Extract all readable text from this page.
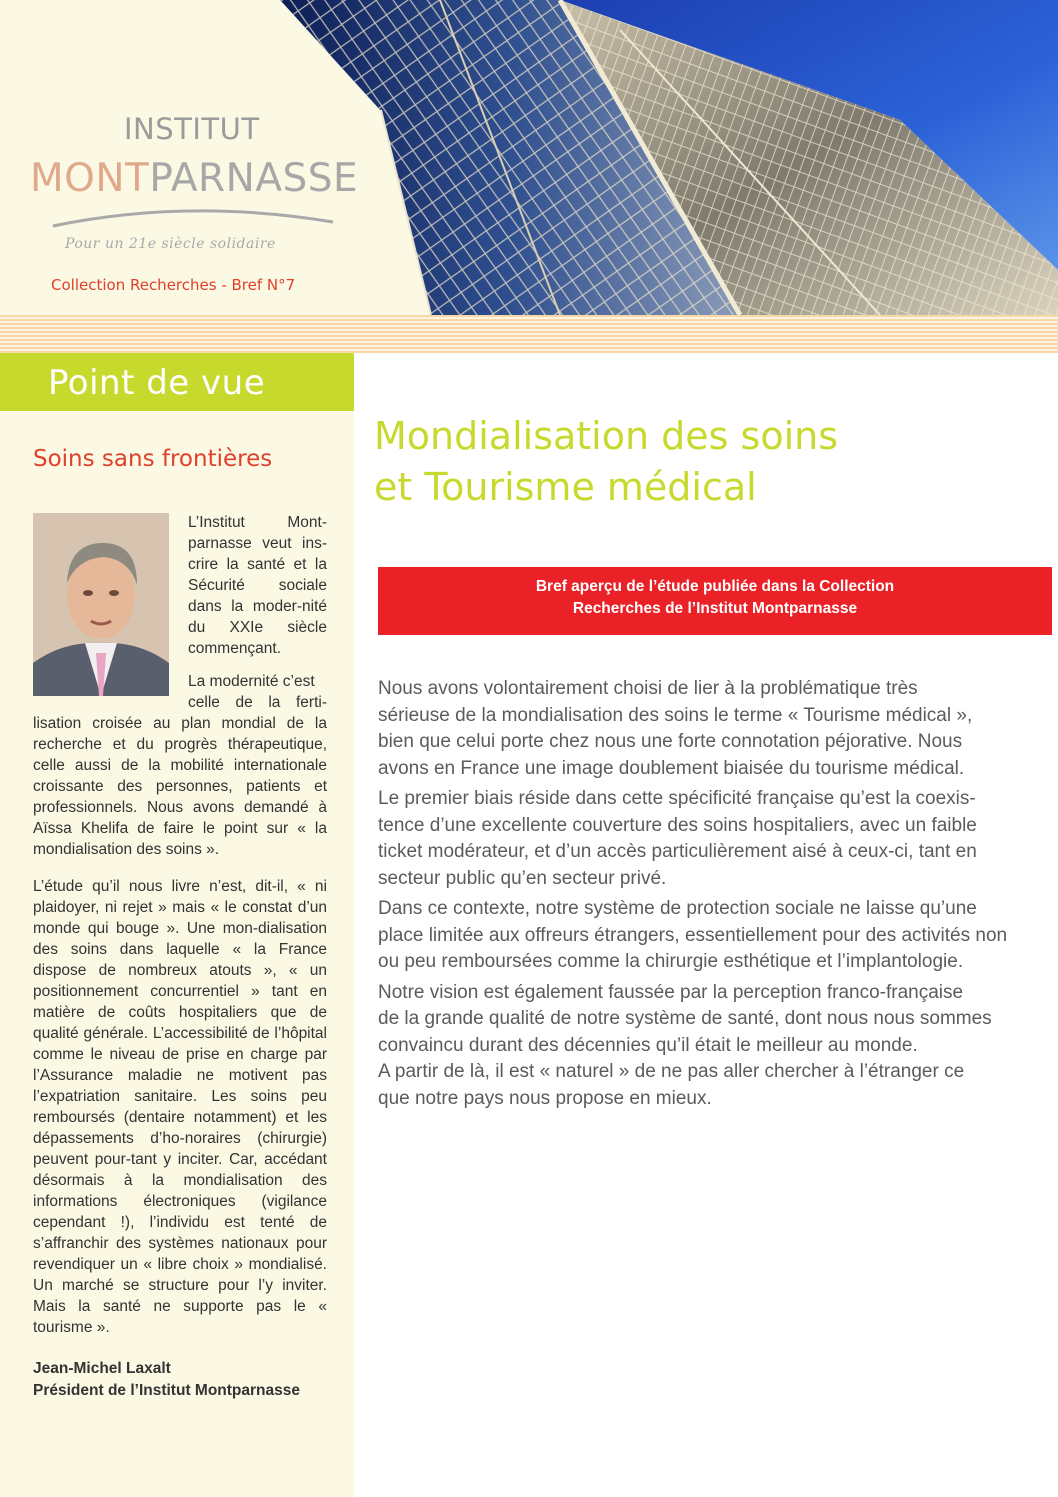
INSTITUT
MONTPARNASSE
Pour un 21e siècle solidaire
Collection Recherches - Bref N°7
Point de vue
Soins sans frontières
L’Institut Mont-parnasse veut ins-crire la santé et la Sécurité sociale dans la moder-nité du XXIe siècle commençant.
La modernité c’est
celle de la ferti- lisation croisée au plan mondial de la recherche et du progrès thérapeutique, celle aussi de la mobilité internationale croissante des personnes, patients et professionnels. Nous avons demandé à Aïssa Khelifa de faire le point sur « la mondialisation des soins ».
L’étude qu’il nous livre n’est, dit-il, « ni plaidoyer, ni rejet » mais « le constat d’un monde qui bouge ». Une mon-dialisation des soins dans laquelle « la France dispose de nombreux atouts », « un positionnement concurrentiel » tant en matière de coûts hospitaliers que de qualité générale. L’accessibilité de l’hôpital comme le niveau de prise en charge par l’Assurance maladie ne motivent pas l’expatriation sanitaire. Les soins peu remboursés (dentaire notamment) et les dépassements d’ho-noraires (chirurgie) peuvent pour-tant y inciter. Car, accédant désormais à la mondialisation des informations électroniques (vigilance cependant !), l’individu est tenté de s’affranchir des systèmes nationaux pour revendiquer un « libre choix » mondialisé. Un marché se structure pour l’y inviter. Mais la santé ne supporte pas le « tourisme ».
Jean-Michel Laxalt
Président de l’Institut Montparnasse
Mondialisation des soins
et Tourisme médical
Bref aperçu de l’étude publiée dans la Collection
Recherches de l’Institut Montparnasse

Nous avons volontairement choisi de lier à la problématique très
sérieuse de la mondialisation des soins le terme « Tourisme médical »,
bien que celui porte chez nous une forte connotation péjorative. Nous
avons en France une image doublement biaisée du tourisme médical.

Le premier biais réside dans cette spécificité française qu’est la coexis-
tence d’une excellente couverture des soins hospitaliers, avec un faible
ticket modérateur, et d’un accès particulièrement aisé à ceux-ci, tant en
secteur public qu’en secteur privé.

Dans ce contexte, notre système de protection sociale ne laisse qu’une
place limitée aux offreurs étrangers, essentiellement pour des activités non
ou peu remboursées comme la chirurgie esthétique et l’implantologie.

Notre vision est également faussée par la perception franco-française
de la grande qualité de notre système de santé, dont nous nous sommes
convaincu durant des décennies qu’il était le meilleur au monde.
A partir de là, il est « naturel » de ne pas aller chercher à l’étranger ce
que notre pays nous propose en mieux.
